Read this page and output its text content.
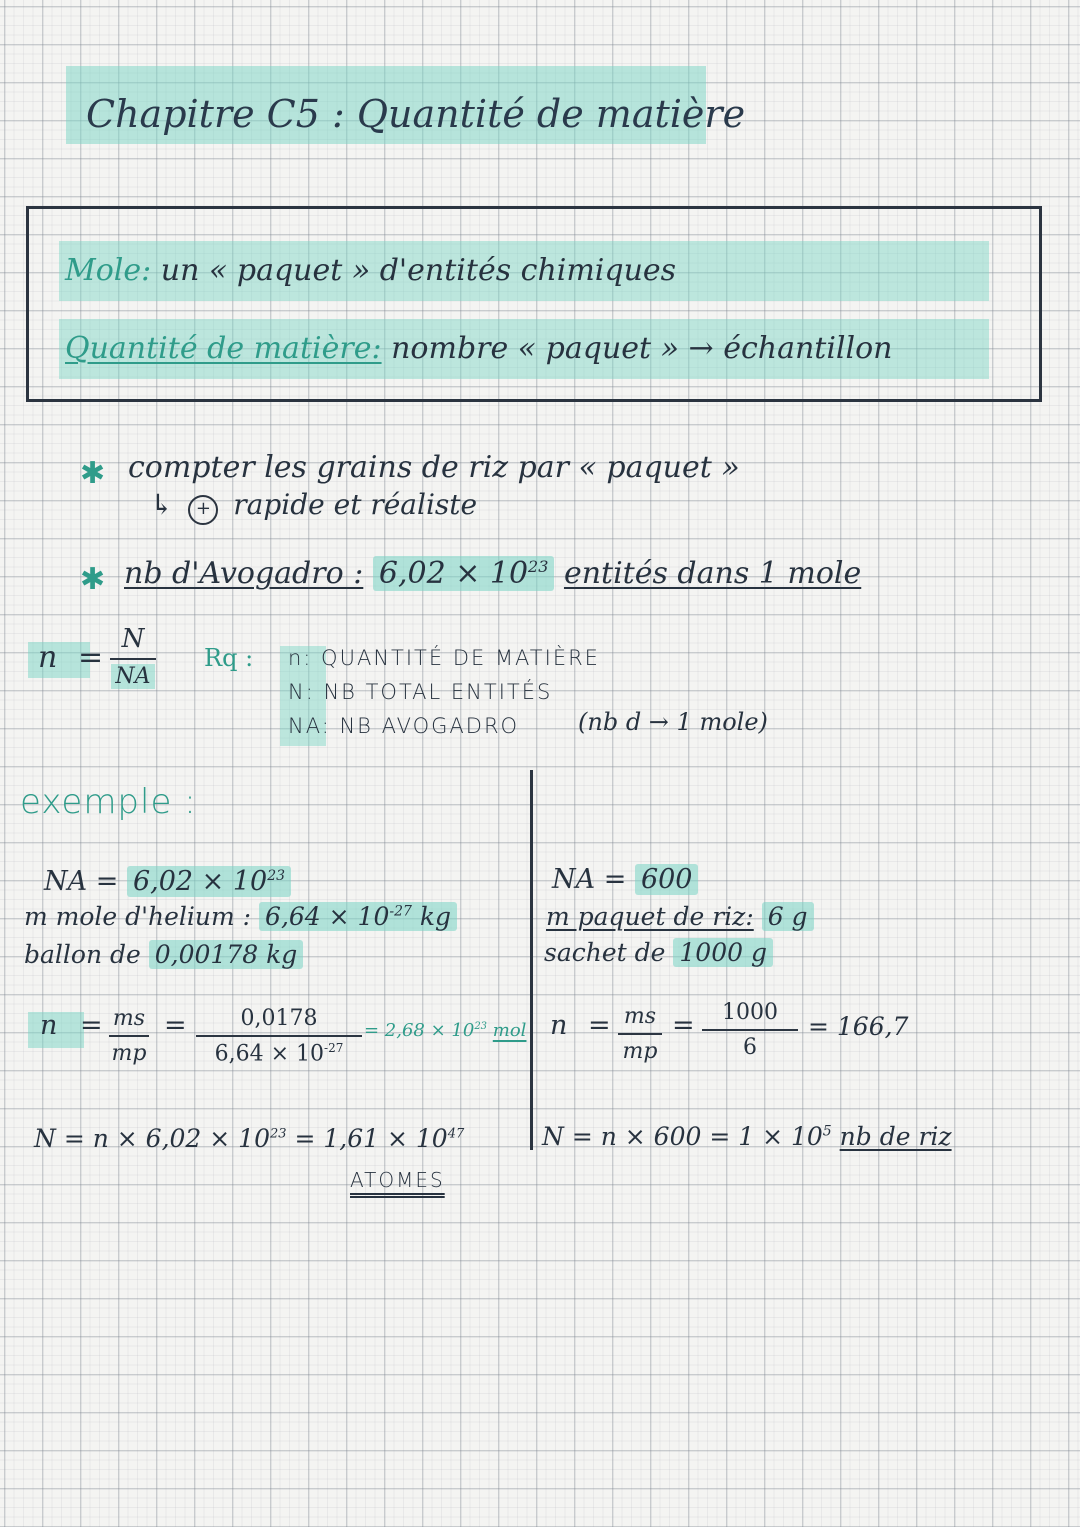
Chapitre C5 : Quantité de matière
Mole: un « paquet » d'entités chimiques
Quantité de matière: nombre « paquet » → échantillon
✱ compter les grains de riz par « paquet »
↳ + rapide et réaliste
✱ nb d'Avogadro : $6,02 \times 10^{23}$ entités dans 1 mole
n =
N
NA
Rq : n: QUANTITÉ DE MATIÈRE
N: NB TOTAL ENTITÉS
NA: NB AVOGADRO (nb d → 1 mole)
exemple :
NA = $6,02 \times 10^{23}$
m mole d'helium : $6,64 \times 10^{-27}$ kg
ballon de 0,00178 kg
n = ms
mp
= 0,0178
$6,64 \times 10^{-27}$
= $2,68 \times 10^{23}$ mol
$N = n \times 6,02 \times 10^{23} = 1,61 \times 10^{47}$
ATOMES
NA = 600
m paquet de riz: 6 g
sachet de 1000 g
n = ms
mp
= 1000
6
= 166,7
$N = n \times 600 = 1 \times 10^5$ nb de riz
